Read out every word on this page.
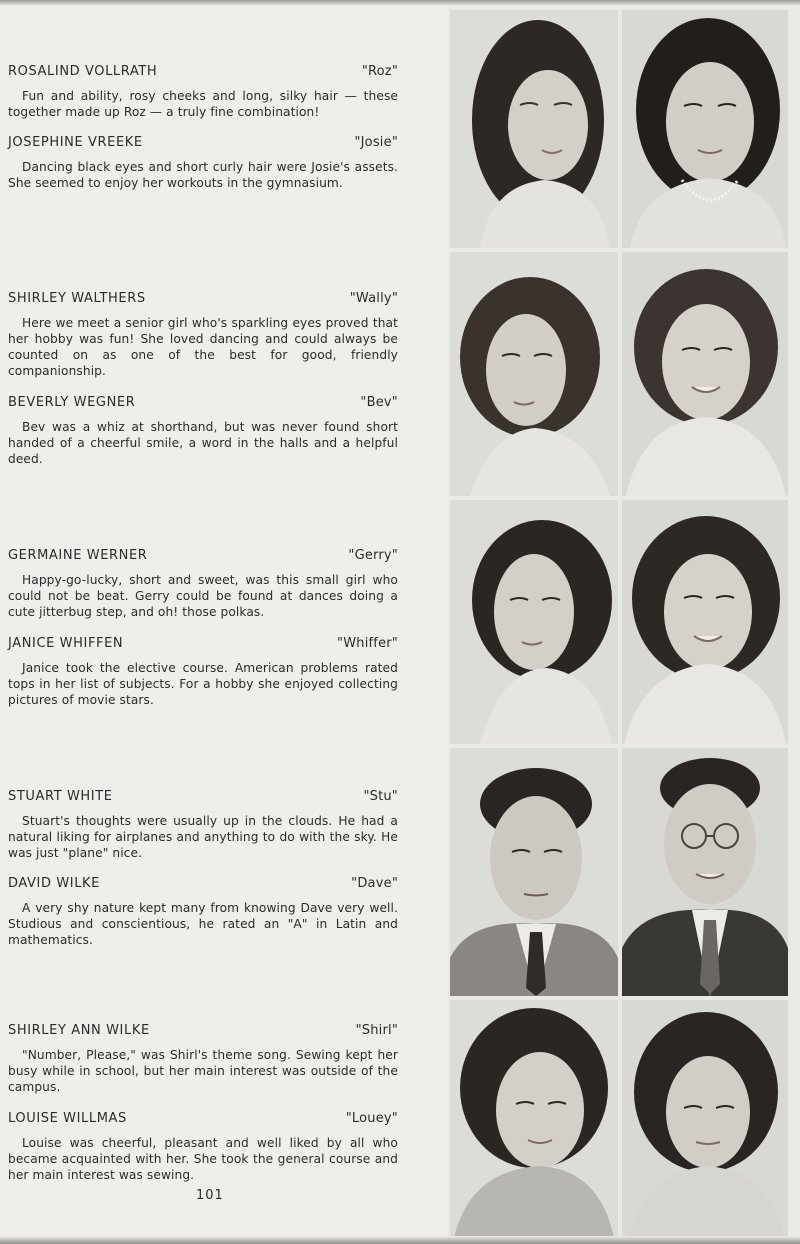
ROSALIND VOLLRATH	"Roz"

Fun and ability, rosy cheeks and long, silky hair — these together made up Roz — a truly fine combination!

JOSEPHINE VREEKE	"Josie"

Dancing black eyes and short curly hair were Josie's assets. She seemed to enjoy her workouts in the gymnasium.

SHIRLEY WALTHERS	"Wally"

Here we meet a senior girl who's sparkling eyes proved that her hobby was fun! She loved dancing and could always be counted on as one of the best for good, friendly companionship.

BEVERLY WEGNER	"Bev"

Bev was a whiz at shorthand, but was never found short handed of a cheerful smile, a word in the halls and a helpful deed.

GERMAINE WERNER	"Gerry"

Happy-go-lucky, short and sweet, was this small girl who could not be beat. Gerry could be found at dances doing a cute jitterbug step, and oh! those polkas.

JANICE WHIFFEN	"Whiffer"

Janice took the elective course. American problems rated tops in her list of subjects. For a hobby she enjoyed collecting pictures of movie stars.

STUART WHITE	"Stu"

Stuart's thoughts were usually up in the clouds. He had a natural liking for airplanes and anything to do with the sky. He was just "plane" nice.

DAVID WILKE	"Dave"

A very shy nature kept many from knowing Dave very well. Studious and conscientious, he rated an "A" in Latin and mathematics.

SHIRLEY ANN WILKE	"Shirl"

"Number, Please," was Shirl's theme song. Sewing kept her busy while in school, but her main interest was outside of the campus.

LOUISE WILLMAS	"Louey"

Louise was cheerful, pleasant and well liked by all who became acquainted with her. She took the general course and her main interest was sewing.

101
